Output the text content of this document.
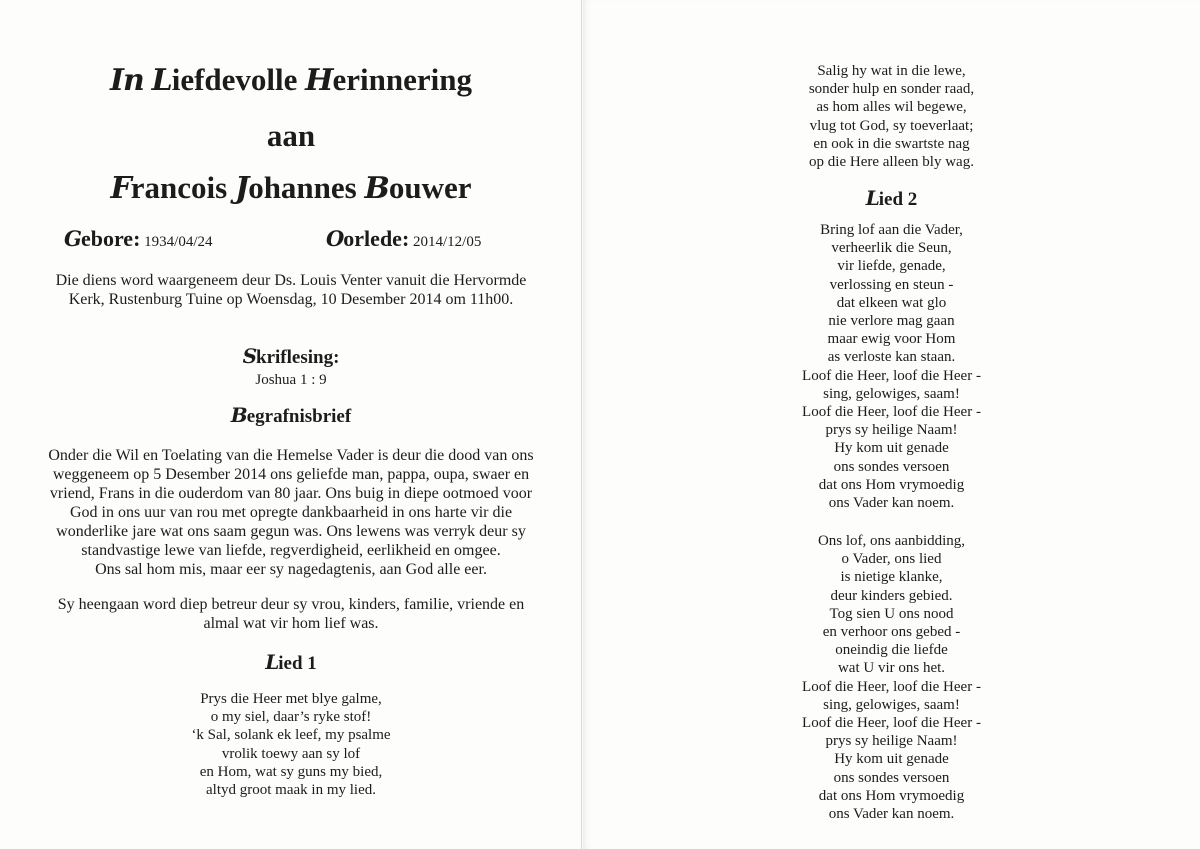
In Liefdevolle Herinnering
aan
Francois Johannes Bouwer
Gebore: 1934/04/24	Oorlede: 2014/12/05
Die diens word waargeneem deur Ds. Louis Venter vanuit die Hervormde
Kerk, Rustenburg Tuine op Woensdag, 10 Desember 2014 om 11h00.
Skriflesing:
Joshua 1 : 9
Begrafnisbrief
Onder die Wil en Toelating van die Hemelse Vader is deur die dood van ons
weggeneem op 5 Desember 2014 ons geliefde man, pappa, oupa, swaer en
vriend, Frans in die ouderdom van 80 jaar. Ons buig in diepe ootmoed voor
God in ons uur van rou met opregte dankbaarheid in ons harte vir die
wonderlike jare wat ons saam gegun was. Ons lewens was verryk deur sy
standvastige lewe van liefde, regverdigheid, eerlikheid en omgee.
Ons sal hom mis, maar eer sy nagedagtenis, aan God alle eer.
Sy heengaan word diep betreur deur sy vrou, kinders, familie, vriende en
almal wat vir hom lief was.
Lied 1
Prys die Heer met blye galme,
o my siel, daar’s ryke stof!
‘k Sal, solank ek leef, my psalme
vrolik toewy aan sy lof
en Hom, wat sy guns my bied,
altyd groot maak in my lied.
Salig hy wat in die lewe,
sonder hulp en sonder raad,
as hom alles wil begewe,
vlug tot God, sy toeverlaat;
en ook in die swartste nag
op die Here alleen bly wag.
Lied 2
Bring lof aan die Vader,
verheerlik die Seun,
vir liefde, genade,
verlossing en steun -
dat elkeen wat glo
nie verlore mag gaan
maar ewig voor Hom
as verloste kan staan.
Loof die Heer, loof die Heer -
sing, gelowiges, saam!
Loof die Heer, loof die Heer -
prys sy heilige Naam!
Hy kom uit genade
ons sondes versoen
dat ons Hom vrymoedig
ons Vader kan noem.
Ons lof, ons aanbidding,
o Vader, ons lied
is nietige klanke,
deur kinders gebied.
Tog sien U ons nood
en verhoor ons gebed -
oneindig die liefde
wat U vir ons het.
Loof die Heer, loof die Heer -
sing, gelowiges, saam!
Loof die Heer, loof die Heer -
prys sy heilige Naam!
Hy kom uit genade
ons sondes versoen
dat ons Hom vrymoedig
ons Vader kan noem.
